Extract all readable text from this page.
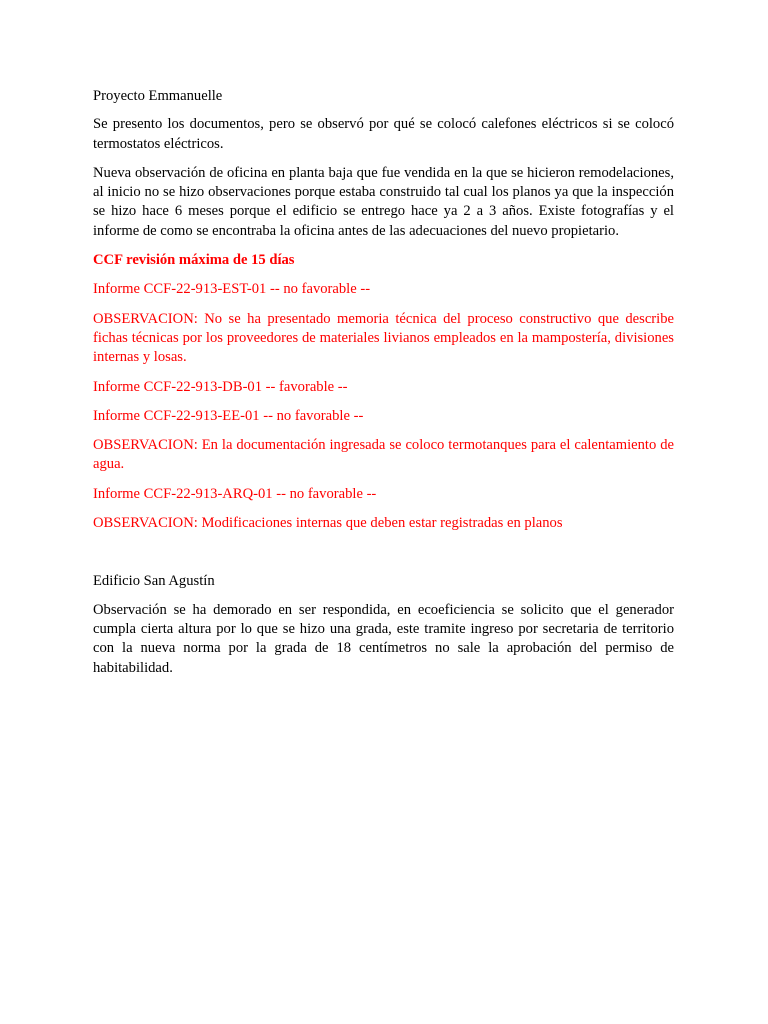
Proyecto Emmanuelle

Se presento los documentos, pero se observó por qué se colocó calefones eléctricos si se colocó termostatos eléctricos.

Nueva observación de oficina en planta baja que fue vendida en la que se hicieron remodelaciones, al inicio no se hizo observaciones porque estaba construido tal cual los planos ya que la inspección se hizo hace 6 meses porque el edificio se entrego hace ya 2 a 3 años. Existe fotografías y el informe de como se encontraba la oficina antes de las adecuaciones del nuevo propietario.

CCF revisión máxima de 15 días

Informe CCF-22-913-EST-01 -- no favorable --

OBSERVACION: No se ha presentado memoria técnica del proceso constructivo que describe fichas técnicas por los proveedores de materiales livianos empleados en la mampostería, divisiones internas y losas.

Informe CCF-22-913-DB-01 -- favorable --

Informe CCF-22-913-EE-01 -- no favorable --

OBSERVACION: En la documentación ingresada se coloco termotanques para el calentamiento de agua.

Informe CCF-22-913-ARQ-01 -- no favorable --

OBSERVACION: Modificaciones internas que deben estar registradas en planos

Edificio San Agustín

Observación se ha demorado en ser respondida, en ecoeficiencia se solicito que el generador cumpla cierta altura por lo que se hizo una grada, este tramite ingreso por secretaria de territorio con la nueva norma por la grada de 18 centímetros no sale la aprobación del permiso de habitabilidad.
